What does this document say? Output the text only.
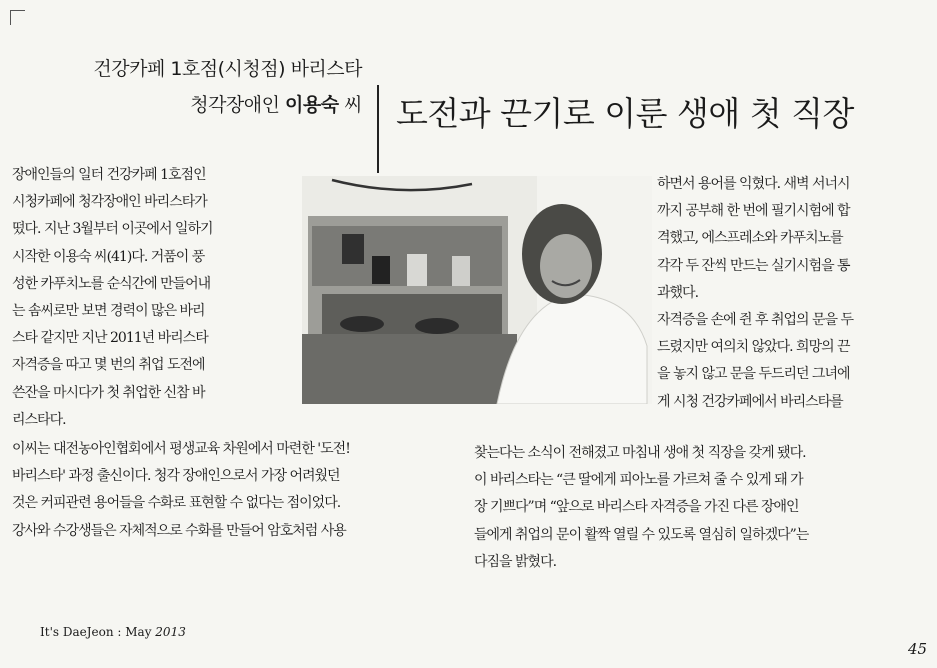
건강카페 1호점(시청점) 바리스타
청각장애인 이용숙 씨 도전과 끈기로 이룬 생애 첫 직장
장애인들의 일터 건강카페 1호점인
시청카페에 청각장애인 바리스타가
떴다. 지난 3월부터 이곳에서 일하기
시작한 이용숙 씨(41)다. 거품이 풍
성한 카푸치노를 순식간에 만들어내
는 솜씨로만 보면 경력이 많은 바리
스타 같지만 지난 2011년 바리스타
자격증을 따고 몇 번의 취업 도전에
쓴잔을 마시다가 첫 취업한 신참 바
리스타다.
하면서 용어를 익혔다. 새벽 서너시
까지 공부해 한 번에 필기시험에 합
격했고, 에스프레소와 카푸치노를
각각 두 잔씩 만드는 실기시험을 통
과했다.
자격증을 손에 쥔 후 취업의 문을 두
드렸지만 여의치 않았다. 희망의 끈
을 놓지 않고 문을 두드리던 그녀에
게 시청 건강카페에서 바리스타를
이씨는 대전농아인협회에서 평생교육 차원에서 마련한 '도전!
바리스타' 과정 출신이다. 청각 장애인으로서 가장 어려웠던
것은 커피관련 용어들을 수화로 표현할 수 없다는 점이었다.
강사와 수강생들은 자체적으로 수화를 만들어 암호처럼 사용
찾는다는 소식이 전해졌고 마침내 생애 첫 직장을 갖게 됐다.
이 바리스타는 “큰 딸에게 피아노를 가르쳐 줄 수 있게 돼 가
장 기쁘다”며 “앞으로 바리스타 자격증을 가진 다른 장애인
들에게 취업의 문이 활짝 열릴 수 있도록 열심히 일하겠다”는
다짐을 밝혔다.
It's DaeJeon : May 2013
45
